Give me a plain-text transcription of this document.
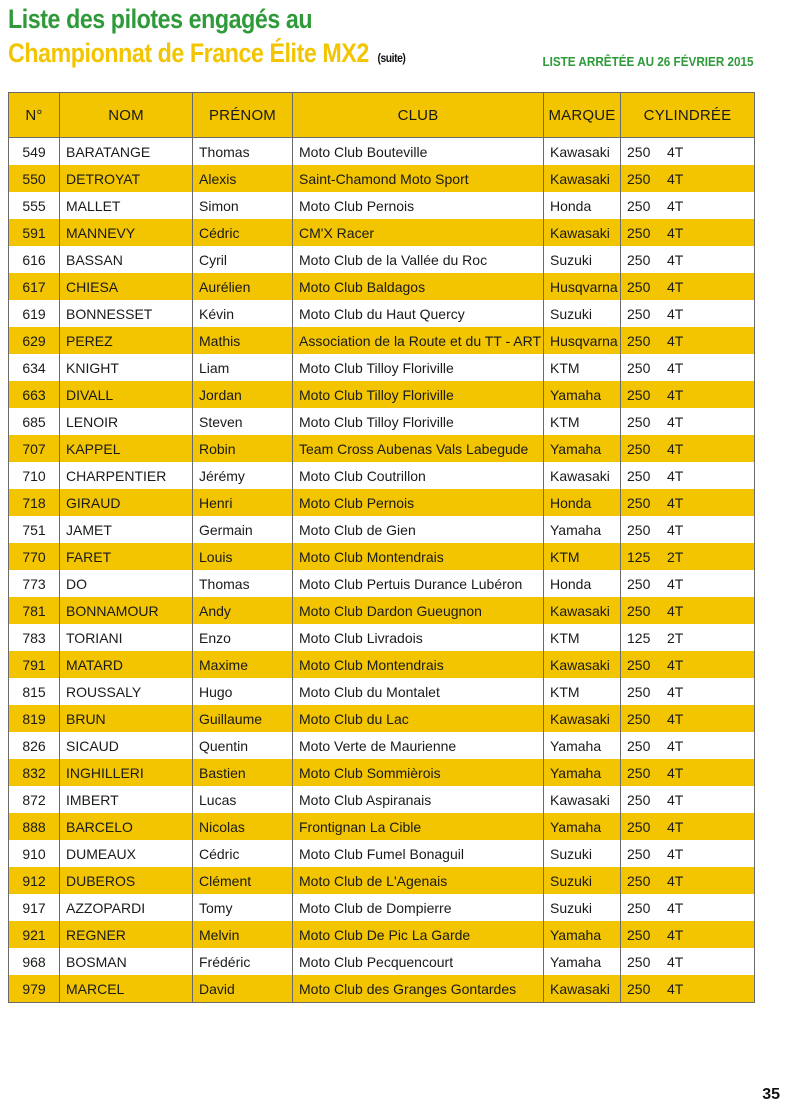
Liste des pilotes engagés au
Championnat de France Élite MX2 (suite)	LISTE ARRÊTÉE AU 26 FÉVRIER 2015
N°	NOM	PRÉNOM	CLUB	MARQUE	CYLINDRÉE
549	BARATANGE	Thomas	Moto Club Bouteville	Kawasaki	250 4T
550	DETROYAT	Alexis	Saint-Chamond Moto Sport	Kawasaki	250 4T
555	MALLET	Simon	Moto Club Pernois	Honda	250 4T
591	MANNEVY	Cédric	CM'X Racer	Kawasaki	250 4T
616	BASSAN	Cyril	Moto Club de la Vallée du Roc	Suzuki	250 4T
617	CHIESA	Aurélien	Moto Club Baldagos	Husqvarna	250 4T
619	BONNESSET	Kévin	Moto Club du Haut Quercy	Suzuki	250 4T
629	PEREZ	Mathis	Association de la Route et du TT - ART	Husqvarna	250 4T
634	KNIGHT	Liam	Moto Club Tilloy Floriville	KTM	250 4T
663	DIVALL	Jordan	Moto Club Tilloy Floriville	Yamaha	250 4T
685	LENOIR	Steven	Moto Club Tilloy Floriville	KTM	250 4T
707	KAPPEL	Robin	Team Cross Aubenas Vals Labegude	Yamaha	250 4T
710	CHARPENTIER	Jérémy	Moto Club Coutrillon	Kawasaki	250 4T
718	GIRAUD	Henri	Moto Club Pernois	Honda	250 4T
751	JAMET	Germain	Moto Club de Gien	Yamaha	250 4T
770	FARET	Louis	Moto Club Montendrais	KTM	125 2T
773	DO	Thomas	Moto Club Pertuis Durance Lubéron	Honda	250 4T
781	BONNAMOUR	Andy	Moto Club Dardon Gueugnon	Kawasaki	250 4T
783	TORIANI	Enzo	Moto Club Livradois	KTM	125 2T
791	MATARD	Maxime	Moto Club Montendrais	Kawasaki	250 4T
815	ROUSSALY	Hugo	Moto Club du Montalet	KTM	250 4T
819	BRUN	Guillaume	Moto Club du Lac	Kawasaki	250 4T
826	SICAUD	Quentin	Moto Verte de Maurienne	Yamaha	250 4T
832	INGHILLERI	Bastien	Moto Club Sommièrois	Yamaha	250 4T
872	IMBERT	Lucas	Moto Club Aspiranais	Kawasaki	250 4T
888	BARCELO	Nicolas	Frontignan La Cible	Yamaha	250 4T
910	DUMEAUX	Cédric	Moto Club Fumel Bonaguil	Suzuki	250 4T
912	DUBEROS	Clément	Moto Club de L'Agenais	Suzuki	250 4T
917	AZZOPARDI	Tomy	Moto Club de Dompierre	Suzuki	250 4T
921	REGNER	Melvin	Moto Club De Pic La Garde	Yamaha	250 4T
968	BOSMAN	Frédéric	Moto Club Pecquencourt	Yamaha	250 4T
979	MARCEL	David	Moto Club des Granges Gontardes	Kawasaki	250 4T
35
